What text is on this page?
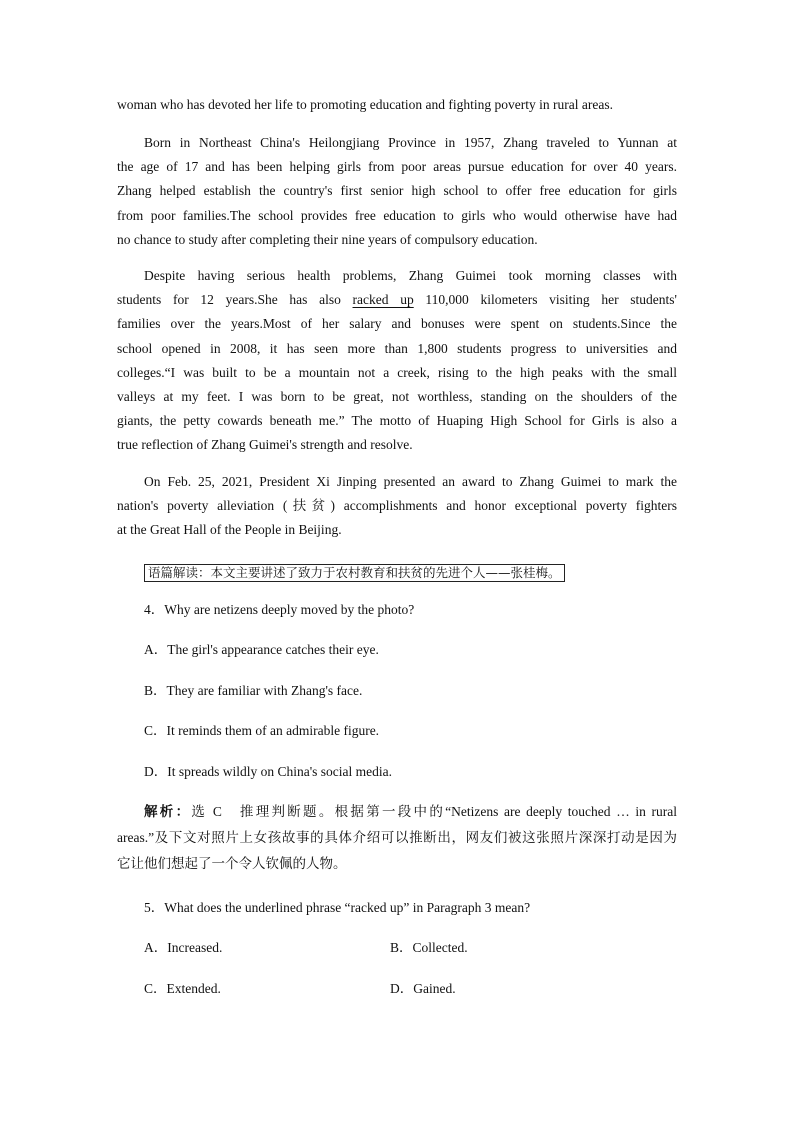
woman who has devoted her life to promoting education and fighting poverty in rural areas.
Born in Northeast China's Heilongjiang Province in 1957, Zhang traveled to Yunnan at
the age of 17 and has been helping girls from poor areas pursue education for over 40 years.
Zhang helped establish the country's first senior high school to offer free education for girls
from poor families.The school provides free education to girls who would otherwise have had
no chance to study after completing their nine years of compulsory education.
Despite having serious health problems, Zhang Guimei took morning classes with
students for 12 years.She has also racked up 110,000 kilometers visiting her students'
families over the years.Most of her salary and bonuses were spent on students.Since the
school opened in 2008, it has seen more than 1,800 students progress to universities and
colleges.“I was built to be a mountain not a creek, rising to the high peaks with the small
valleys at my feet. I was born to be great, not worthless, standing on the shoulders of the
giants, the petty cowards beneath me.” The motto of Huaping High School for Girls is also a
true reflection of Zhang Guimei's strength and resolve.
On Feb. 25, 2021, President Xi Jinping presented an award to Zhang Guimei to mark the
nation's poverty alleviation (扶贫) accomplishments and honor exceptional poverty fighters
at the Great Hall of the People in Beijing.
语篇解读：本文主要讲述了致力于农村教育和扶贫的先进个人——张桂梅。
4．Why are netizens deeply moved by the photo?
A．The girl's appearance catches their eye.
B．They are familiar with Zhang's face.
C．It reminds them of an admirable figure.
D．It spreads wildly on China's social media.
解析：选 C　推理判断题。根据第一段中的“Netizens are deeply touched … in rural
areas.”及下文对照片上女孩故事的具体介绍可以推断出，网友们被这张照片深深打动是因为
它让他们想起了一个令人钦佩的人物。
5．What does the underlined phrase “racked up” in Paragraph 3 mean?
A．Increased.	B．Collected.
C．Extended.	D．Gained.
